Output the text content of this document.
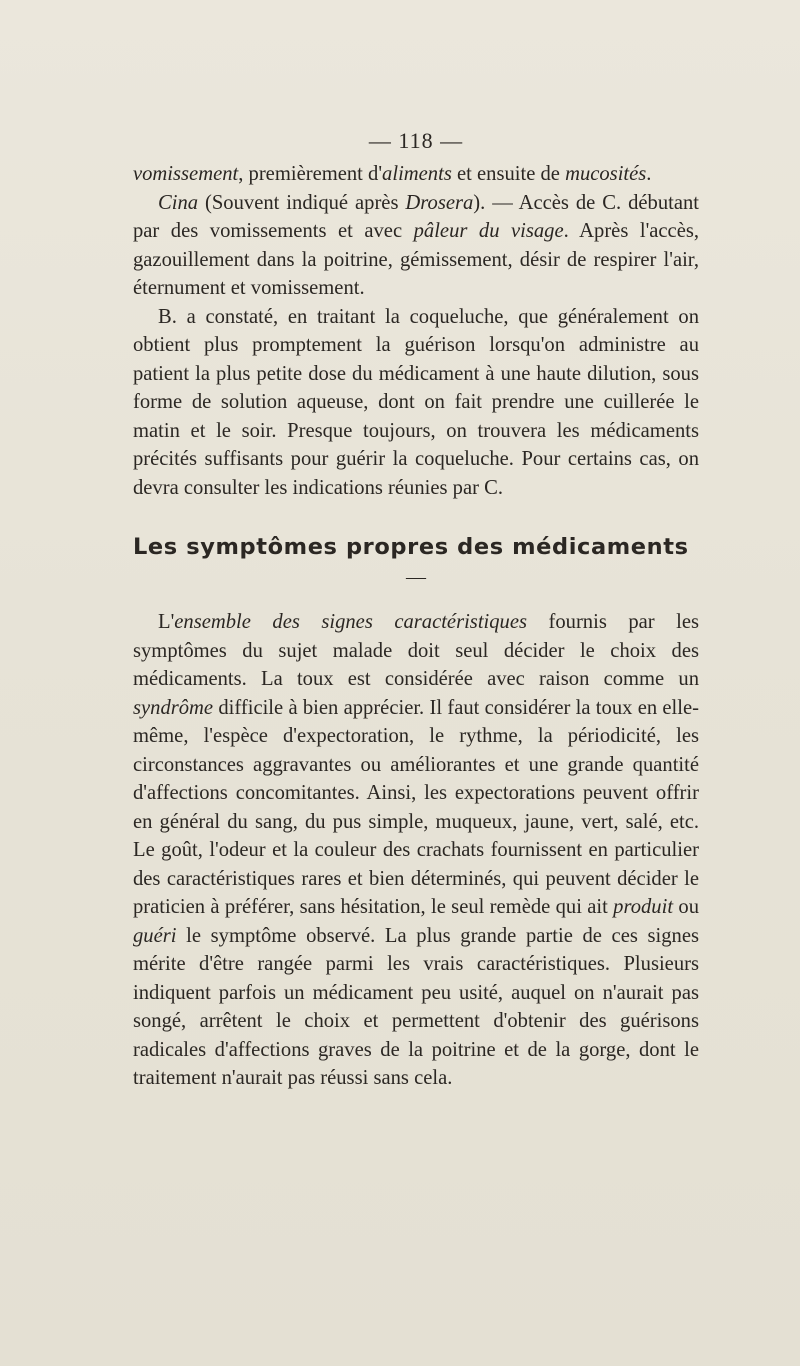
— 118 —

vomissement, premièrement d'aliments et ensuite de mucosités.

Cina (Souvent indiqué après Drosera). — Accès de C. débutant par des vomissements et avec pâleur du visage. Après l'accès, gazouillement dans la poitrine, gémissement, désir de respirer l'air, éternument et vomissement.

B. a constaté, en traitant la coqueluche, que généralement on obtient plus promptement la guérison lorsqu'on administre au patient la plus petite dose du médicament à une haute dilution, sous forme de solution aqueuse, dont on fait prendre une cuillerée le matin et le soir. Presque toujours, on trouvera les médicaments précités suffisants pour guérir la coqueluche. Pour certains cas, on devra consulter les indications réunies par C.

Les symptômes propres des médicaments
—

L'ensemble des signes caractéristiques fournis par les symptômes du sujet malade doit seul décider le choix des médicaments. La toux est considérée avec raison comme un syndrôme difficile à bien apprécier. Il faut considérer la toux en elle-même, l'espèce d'expectoration, le rythme, la périodicité, les circonstances aggravantes ou améliorantes et une grande quantité d'affections concomitantes. Ainsi, les expectorations peuvent offrir en général du sang, du pus simple, muqueux, jaune, vert, salé, etc. Le goût, l'odeur et la couleur des crachats fournissent en particulier des caractéristiques rares et bien déterminés, qui peuvent décider le praticien à préférer, sans hésitation, le seul remède qui ait produit ou guéri le symptôme observé. La plus grande partie de ces signes mérite d'être rangée parmi les vrais caractéristiques. Plusieurs indiquent parfois un médicament peu usité, auquel on n'aurait pas songé, arrêtent le choix et permettent d'obtenir des guérisons radicales d'affections graves de la poitrine et de la gorge, dont le traitement n'aurait pas réussi sans cela.
